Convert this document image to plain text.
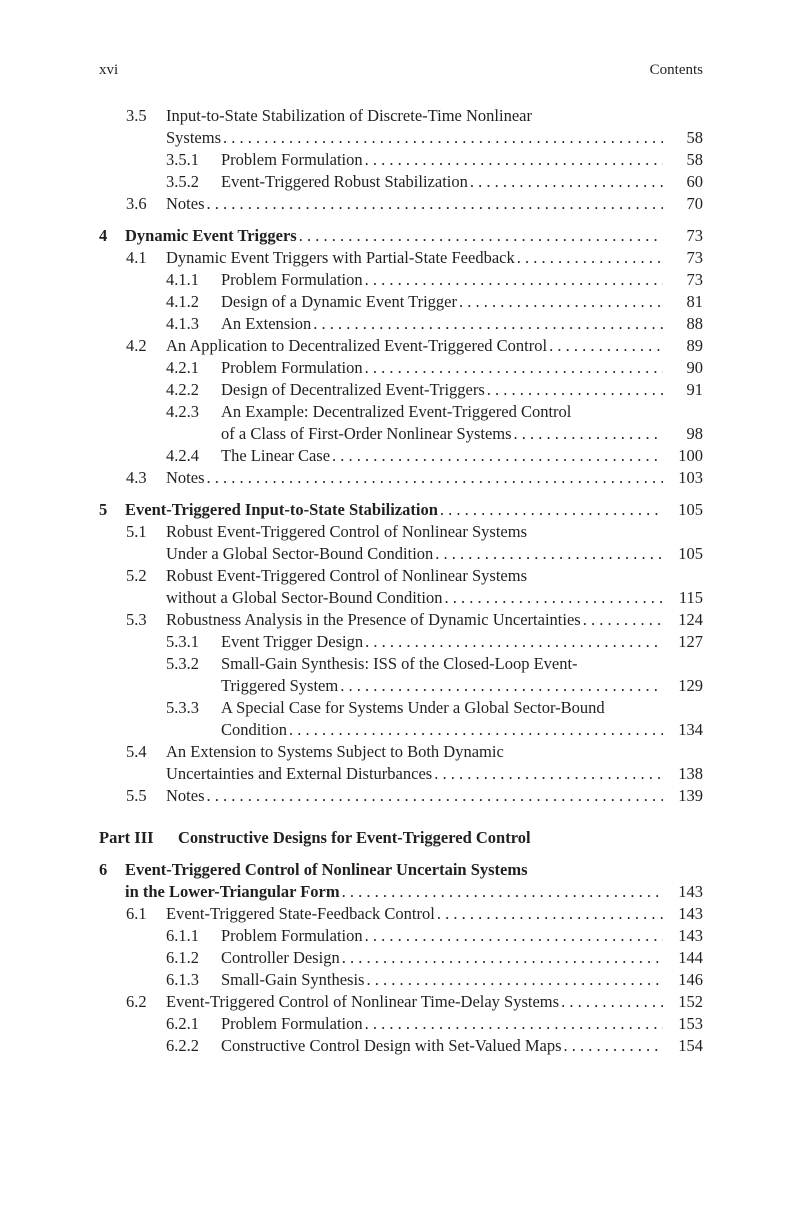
xvi	Contents
3.5	Input-to-State Stabilization of Discrete-Time Nonlinear
Systems . . .	58
3.5.1	Problem Formulation . . .	58
3.5.2	Event-Triggered Robust Stabilization . . .	60
3.6	Notes . . .	70
4	Dynamic Event Triggers . . .	73
4.1	Dynamic Event Triggers with Partial-State Feedback . . .	73
4.1.1	Problem Formulation . . .	73
4.1.2	Design of a Dynamic Event Trigger . . .	81
4.1.3	An Extension . . .	88
4.2	An Application to Decentralized Event-Triggered Control . . .	89
4.2.1	Problem Formulation . . .	90
4.2.2	Design of Decentralized Event-Triggers . . .	91
4.2.3	An Example: Decentralized Event-Triggered Control
of a Class of First-Order Nonlinear Systems . . .	98
4.2.4	The Linear Case . . .	100
4.3	Notes . . .	103
5	Event-Triggered Input-to-State Stabilization . . .	105
5.1	Robust Event-Triggered Control of Nonlinear Systems
Under a Global Sector-Bound Condition . . .	105
5.2	Robust Event-Triggered Control of Nonlinear Systems
without a Global Sector-Bound Condition . . .	115
5.3	Robustness Analysis in the Presence of Dynamic Uncertainties . . .	124
5.3.1	Event Trigger Design . . .	127
5.3.2	Small-Gain Synthesis: ISS of the Closed-Loop Event-
Triggered System . . .	129
5.3.3	A Special Case for Systems Under a Global Sector-Bound
Condition . . .	134
5.4	An Extension to Systems Subject to Both Dynamic
Uncertainties and External Disturbances . . .	138
5.5	Notes . . .	139
Part III	Constructive Designs for Event-Triggered Control
6	Event-Triggered Control of Nonlinear Uncertain Systems
in the Lower-Triangular Form . . .	143
6.1	Event-Triggered State-Feedback Control . . .	143
6.1.1	Problem Formulation . . .	143
6.1.2	Controller Design . . .	144
6.1.3	Small-Gain Synthesis . . .	146
6.2	Event-Triggered Control of Nonlinear Time-Delay Systems . . .	152
6.2.1	Problem Formulation . . .	153
6.2.2	Constructive Control Design with Set-Valued Maps . . .	154
